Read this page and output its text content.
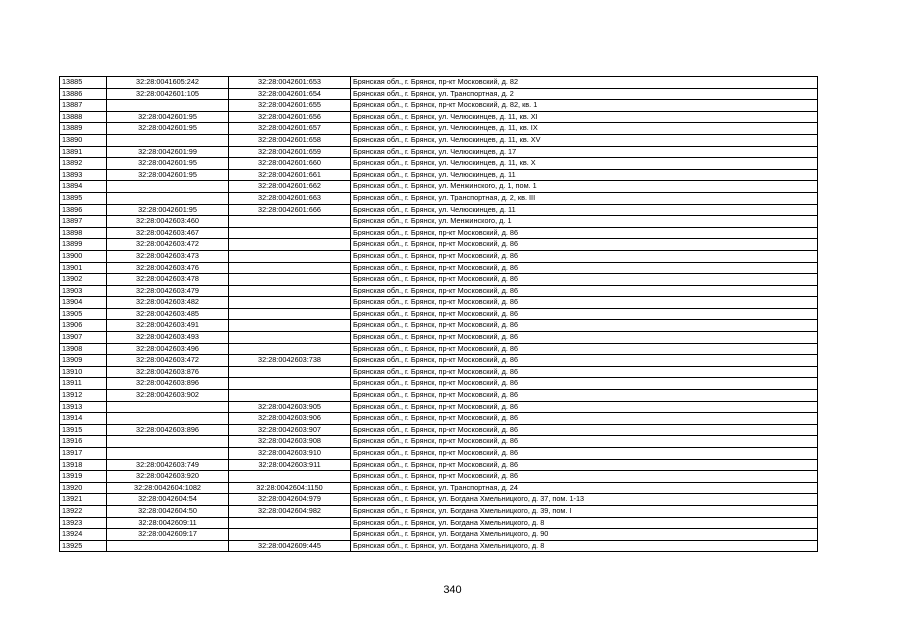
13885	32:28:0041605:242	32:28:0042601:653	Брянская обл., г. Брянск, пр-кт Московский, д. 82
13886	32:28:0042601:105	32:28:0042601:654	Брянская обл., г. Брянск, ул. Транспортная, д. 2
13887		32:28:0042601:655	Брянская обл., г. Брянск, пр-кт Московский, д. 82, кв. 1
13888	32:28:0042601:95	32:28:0042601:656	Брянская обл., г. Брянск, ул. Челюскинцев, д. 11, кв. XI
13889	32:28:0042601:95	32:28:0042601:657	Брянская обл., г. Брянск, ул. Челюскинцев, д. 11, кв. IX
13890		32:28:0042601:658	Брянская обл., г. Брянск, ул. Челюскинцев, д. 11, кв. XV
13891	32:28:0042601:99	32:28:0042601:659	Брянская обл., г. Брянск, ул. Челюскинцев, д. 17
13892	32:28:0042601:95	32:28:0042601:660	Брянская обл., г. Брянск, ул. Челюскинцев, д. 11, кв. X
13893	32:28:0042601:95	32:28:0042601:661	Брянская обл., г. Брянск, ул. Челюскинцев, д. 11
13894		32:28:0042601:662	Брянская обл., г. Брянск, ул. Менжинского, д. 1, пом. 1
13895		32:28:0042601:663	Брянская обл., г. Брянск, ул. Транспортная, д. 2, кв. III
13896	32:28:0042601:95	32:28:0042601:666	Брянская обл., г. Брянск, ул. Челюскинцев, д. 11
13897	32:28:0042603:460		Брянская обл., г. Брянск, ул. Менжинского, д. 1
13898	32:28:0042603:467		Брянская обл., г. Брянск, пр-кт Московский, д. 86
13899	32:28:0042603:472		Брянская обл., г. Брянск, пр-кт Московский, д. 86
13900	32:28:0042603:473		Брянская обл., г. Брянск, пр-кт Московский, д. 86
13901	32:28:0042603:476		Брянская обл., г. Брянск, пр-кт Московский, д. 86
13902	32:28:0042603:478		Брянская обл., г. Брянск, пр-кт Московский, д. 86
13903	32:28:0042603:479		Брянская обл., г. Брянск, пр-кт Московский, д. 86
13904	32:28:0042603:482		Брянская обл., г. Брянск, пр-кт Московский, д. 86
13905	32:28:0042603:485		Брянская обл., г. Брянск, пр-кт Московский, д. 86
13906	32:28:0042603:491		Брянская обл., г. Брянск, пр-кт Московский, д. 86
13907	32:28:0042603:493		Брянская обл., г. Брянск, пр-кт Московский, д. 86
13908	32:28:0042603:496		Брянская обл., г. Брянск, пр-кт Московский, д. 86
13909	32:28:0042603:472	32:28:0042603:738	Брянская обл., г. Брянск, пр-кт Московский, д. 86
13910	32:28:0042603:876		Брянская обл., г. Брянск, пр-кт Московский, д. 86
13911	32:28:0042603:896		Брянская обл., г. Брянск, пр-кт Московский, д. 86
13912	32:28:0042603:902		Брянская обл., г. Брянск, пр-кт Московский, д. 86
13913		32:28:0042603:905	Брянская обл., г. Брянск, пр-кт Московский, д. 86
13914		32:28:0042603:906	Брянская обл., г. Брянск, пр-кт Московский, д. 86
13915	32:28:0042603:896	32:28:0042603:907	Брянская обл., г. Брянск, пр-кт Московский, д. 86
13916		32:28:0042603:908	Брянская обл., г. Брянск, пр-кт Московский, д. 86
13917		32:28:0042603:910	Брянская обл., г. Брянск, пр-кт Московский, д. 86
13918	32:28:0042603:749	32:28:0042603:911	Брянская обл., г. Брянск, пр-кт Московский, д. 86
13919	32:28:0042603:920		Брянская обл., г. Брянск, пр-кт Московский, д. 86
13920	32:28:0042604:1082	32:28:0042604:1150	Брянская обл., г. Брянск, ул. Транспортная, д. 24
13921	32:28:0042604:54	32:28:0042604:979	Брянская обл., г. Брянск, ул. Богдана Хмельницкого, д. 37, пом. 1-13
13922	32:28:0042604:50	32:28:0042604:982	Брянская обл., г. Брянск, ул. Богдана Хмельницкого, д. 39, пом. I
13923	32:28:0042609:11		Брянская обл., г. Брянск, ул. Богдана Хмельницкого, д. 8
13924	32:28:0042609:17		Брянская обл., г. Брянск, ул. Богдана Хмельницкого, д. 90
13925		32:28:0042609:445	Брянская обл., г. Брянск, ул. Богдана Хмельницкого, д. 8
340
